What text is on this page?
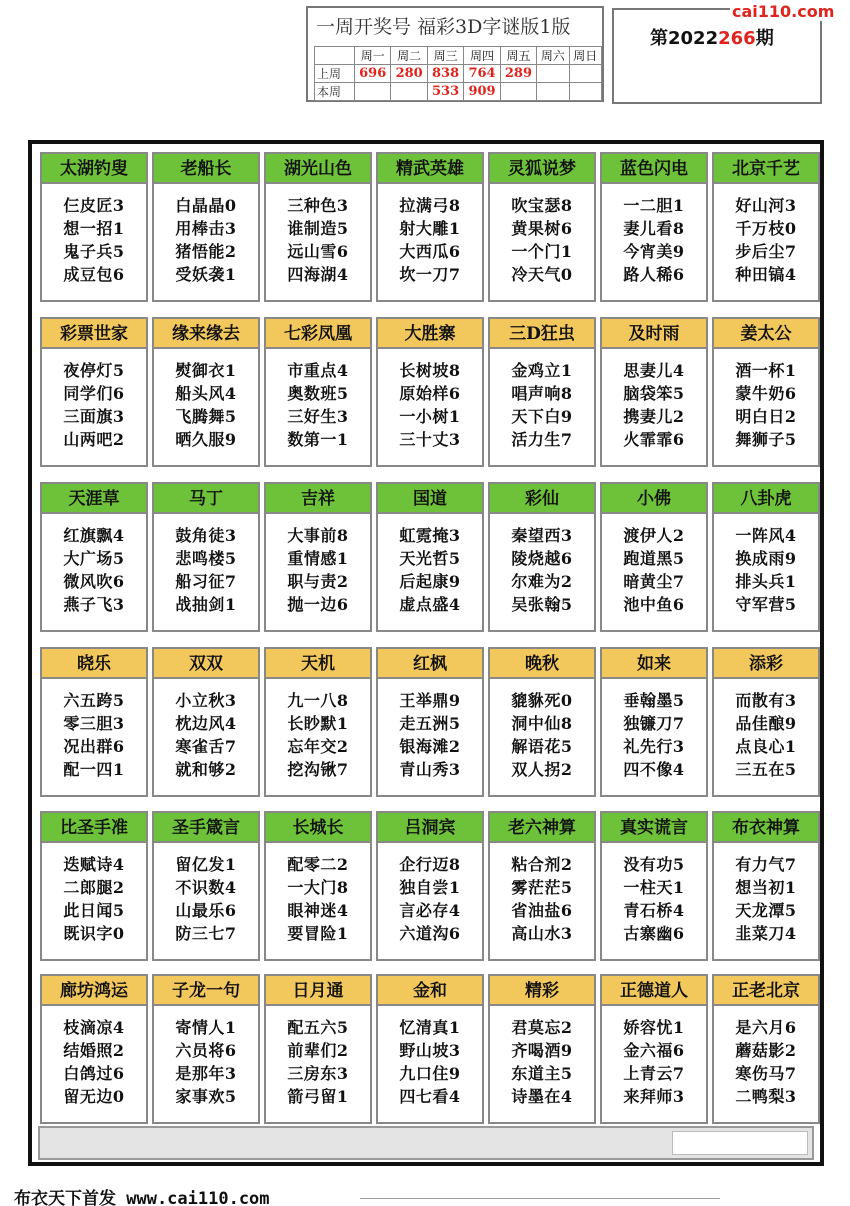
一周开奖号 福彩3D字谜版1版
	周一	周二	周三	周四	周五	周六	周日
上周	696	280	838	764	289		
本周			533	909			
第2022266期
cai110.com
太湖钓叟
仨皮匠3
想一招1
鬼子兵5
成豆包6
老船长
白晶晶0
用棒击3
猪悟能2
受妖袭1
湖光山色
三种色3
谁制造5
远山雪6
四海湖4
精武英雄
拉满弓8
射大雕1
大西瓜6
坎一刀7
灵狐说梦
吹宝瑟8
黄果树6
一个门1
冷天气0
蓝色闪电
一二胆1
妻儿看8
今宵美9
路人稀6
北京千艺
好山河3
千万枝0
步后尘7
种田镐4
彩票世家
夜停灯5
同学们6
三面旗3
山两吧2
缘来缘去
熨御衣1
船头风4
飞腾舞5
晒久服9
七彩凤凰
市重点4
奥数班5
三好生3
数第一1
大胜寨
长树坡8
原始样6
一小树1
三十丈3
三D狂虫
金鸡立1
唱声响8
天下白9
活力生7
及时雨
思妻儿4
脑袋笨5
携妻儿2
火霏霏6
姜太公
酒一杯1
蒙牛奶6
明白日2
舞狮子5
天涯草
红旗飘4
大广场5
微风吹6
燕子飞3
马丁
鼓角徒3
悲鸣楼5
船习征7
战抽剑1
吉祥
大事前8
重情感1
职与责2
抛一边6
国道
虹霓掩3
天光哲5
后起康9
虚点盛4
彩仙
秦望西3
陵烧越6
尔难为2
吴张翰5
小佛
渡伊人2
跑道黑5
暗黄尘7
池中鱼6
八卦虎
一阵风4
换成雨9
排头兵1
守军营5
晓乐
六五跨5
零三胆3
况出群6
配一四1
双双
小立秋3
枕边风4
寒雀舌7
就和够2
天机
九一八8
长眇默1
忘年交2
挖沟锹7
红枫
王举鼎9
走五洲5
银海滩2
青山秀3
晚秋
貔貅死0
洞中仙8
解语花5
双人拐2
如来
垂翰墨5
独镰刀7
礼先行3
四不像4
添彩
而散有3
品佳酿9
点良心1
三五在5
比圣手准
迭赋诗4
二郎腿2
此日闻5
既识字0
圣手箴言
留亿发1
不识数4
山最乐6
防三七7
长城长
配零二2
一大门8
眼神迷4
要冒险1
吕洞宾
企行迈8
独自尝1
言必存4
六道沟6
老六神算
粘合剂2
雾茫茫5
省油盐6
高山水3
真实谎言
没有功5
一柱天1
青石桥4
古寨幽6
布衣神算
有力气7
想当初1
天龙潭5
韭菜刀4
廊坊鸿运
枝滴凉4
结婚照2
白鸽过6
留无边0
子龙一句
寄情人1
六员将6
是那年3
家事欢5
日月通
配五六5
前辈们2
三房东3
箭弓留1
金和
忆清真1
野山坡3
九口住9
四七看4
精彩
君莫忘2
齐喝酒9
东道主5
诗墨在4
正德道人
娇容忧1
金六福6
上青云7
来拜师3
正老北京
是六月6
蘑菇影2
寒伤马7
二鸭梨3
布衣天下首发 www.cai110.com
